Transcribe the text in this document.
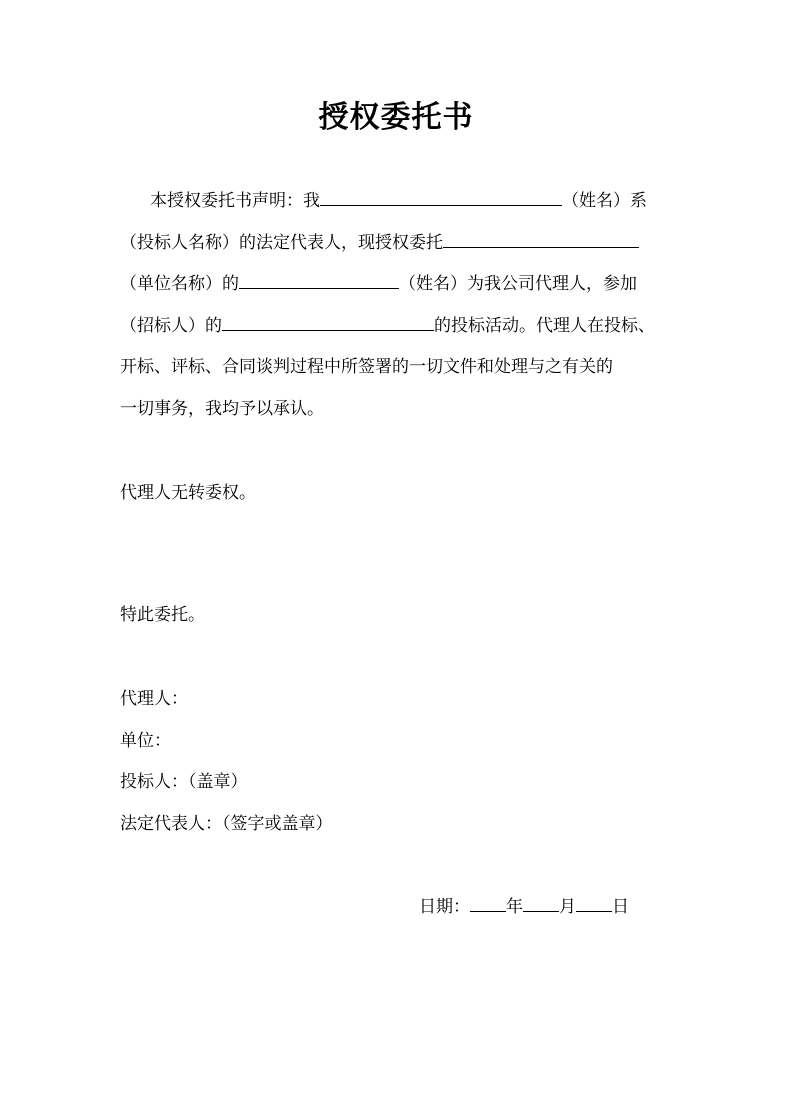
授权委托书
本授权委托书声明：我	（姓名）系
（投标人名称）的法定代表人，现授权委托
（单位名称）的	（姓名）为我公司代理人，参加
（招标人）的	的投标活动。代理人在投标、
开标、评标、合同谈判过程中所签署的一切文件和处理与之有关的
一切事务，我均予以承认。
代理人无转委权。
特此委托。
代理人：
单位：
投标人：（盖章）
法定代表人：（签字或盖章）
日期： 年 月 日
